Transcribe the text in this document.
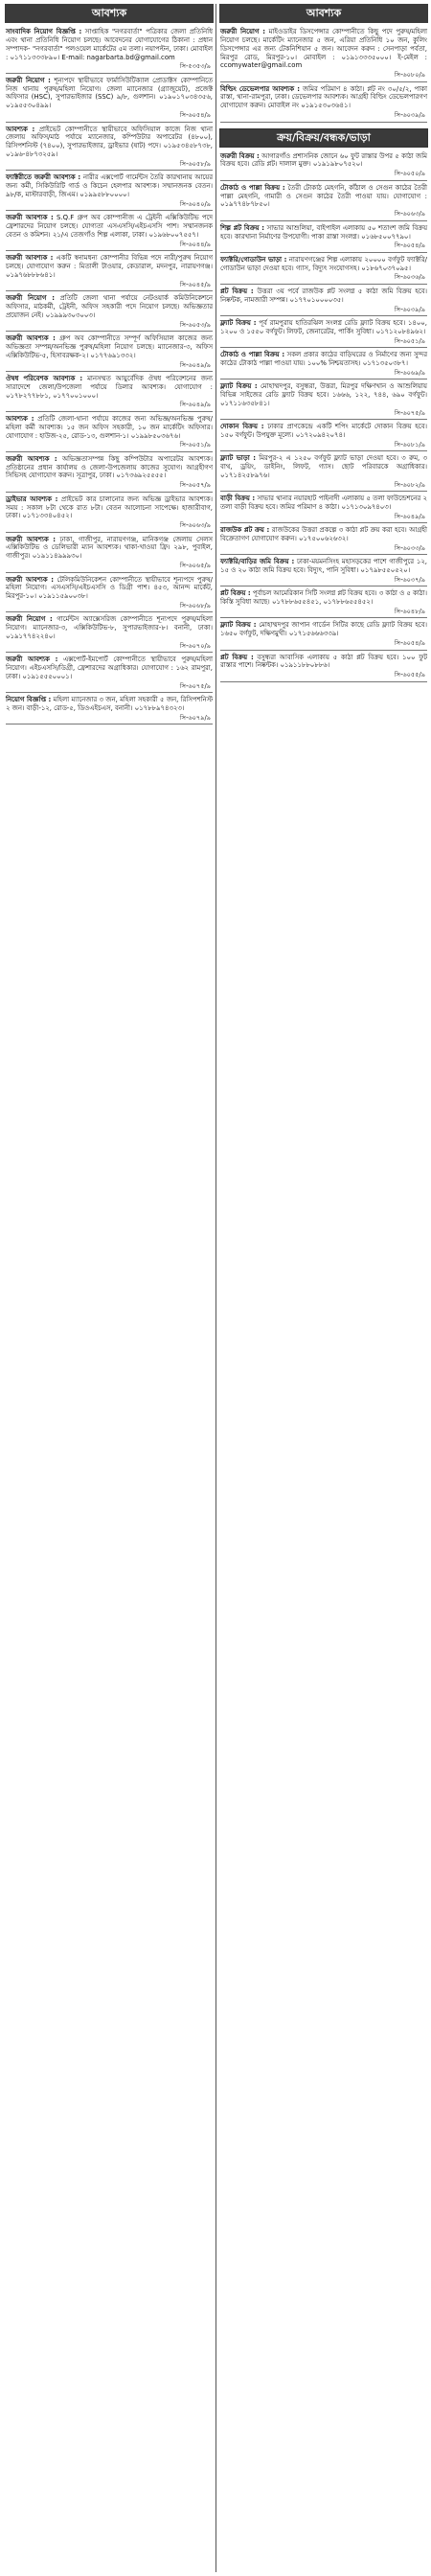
আবশ্যক
সাংবাদিক নিয়োগ বিজ্ঞপ্তি : সাপ্তাহিক "নগরবার্তা" পত্রিকার জেলা প্রতিনিধি এবং থানা প্রতিনিধি নিয়োগ চলছে। আবেদনের যোগাযোগের ঠিকানা : প্রধান সম্পাদক- "নগরবার্তা" পলওয়েল মার্কেটের ৫ম তলা। নয়াপল্টন, ঢাকা। মোবাইল : ০১৭১১৩৩৩৮৯০। E-mail: nagarbarta.bd@gmail.com
সি-৫৩৫৩/৯
জরুরী নিয়োগ : শূন্যপদে স্থায়ীভাবে ফার্মাসিউটিক্যাল প্রোডাক্টস কোম্পানিতে নিজ থানায় পুরুষ/মহিলা নিয়োগ। জেলা ম্যানেজার (গ্র্যাজুয়েট), প্রজেক্ট অফিসার (HSC), সুপারভাইজার (SSC) ৯/৮, গুলশান। ০১৯০১৭০৩৪৩৫৬, ০১৯৫৫৩০৪৯৯।
সি-৬০৫৪/৯
আবশ্যক : প্রাইভেট কোম্পানীতে স্থায়ীভাবে অফিসিয়াল কাজে নিজ থানা জেলায় অফিস/মাঠ পর্যায়ে ম্যানেজার, কম্পিউটার অপারেটর (৪৮০০), রিসিপশনিস্ট (৭৪০০), সুপারভাইজার, ড্রাইভার (ষাট) পদে। ০১৯৫৩৪৫৮৭৩৮, ০১৯৬-৪৮৭৩২৫৯।
সি-৬০৫৮/৯
ফ্যাক্টরীতে জরুরী আবশ্যক : নারীর এক্সপোর্ট গার্মেন্টস তৈরি কারখানায় আয়ের জন্য কর্মী, সিকিউরিটি গার্ড ও কিচেন হেলপার আবশ্যক। সম্মানজনক বেতন। ৯৮/ক, মাস্টারবাড়ী, জিএম। ০১৯৯৫৮৮০০০০।
সি-৬০৪০/৯
জরুরী আবশ্যক : S.Q.F গ্রুপ অব কোম্পানীজ এ ট্রেইনী এক্সিকিউটিভ পদে ফ্রেশারদের নিয়োগ চলছে। যোগ্যতা এসএসসি/এইচএসসি পাশ। সম্মানজনক বেতন ও কমিশন। ২১/এ তেজগাঁও শিল্প এলাকা, ঢাকা। ০১৯৬৮০০৭৫৫৭।
সি-৬০৪৪/৯
জরুরী আবশ্যক : একটি স্বনামধন্য কোম্পানীর বিভিন্ন পদে নারী/পুরুষ নিয়োগ চলছে। যোগাযোগ করুন : মিতালী টাওয়ার, কেডারাল, মদনপুর, নারায়ণগঞ্জ। ০১৯৭৬৮৮৮৬৪১।
সি-৬০৪৫/৯
জরুরী নিয়োগ : প্রতিটি জেলা থানা পর্যায়ে নেটওয়ার্ক কমিউনিকেশনে অফিসার, মাঠকর্মী, ট্রেইনী, অফিস সহকারী পদে নিয়োগ চলছে। অভিজ্ঞতার প্রয়োজন নেই। ০১৯৯৯৩০৩০০৩।
সি-৬০৫৩/৯
জরুরী আবশ্যক : গ্রুপ অব কোম্পানীতে সম্পূর্ণ অফিসিয়াল কাজের জন্য অভিজ্ঞতা সম্পন্ন/অনভিজ্ঞ পুরুষ/মহিলা নিয়োগ চলছে। ম্যানেজার-৩, অফিস এক্সিকিউটিভ-৫, হিসাবরক্ষক-২। ০১৭৭৬৯১৩৩২।
সি-৬০৪৯/৯
ঔষধ পরিবেশক আবশ্যক : মানসম্মত আয়ুর্বেদিক ঔষধ পরিবেশনের জন্য সারাদেশে জেলা/উপজেলা পর্যায়ে ডিলার আবশ্যক। যোগাযোগ : ০১৭৮২৭৭৮৮১, ০১৭৭০০১০০০।
সি-৬০৪৯/৯
আবশ্যক : প্রতিটি জেলা-থানা পর্যায়ে কাজের জন্য অভিজ্ঞ/অনভিজ্ঞ পুরুষ/মহিলা কর্মী আবশ্যক। ১৫ জন অফিস সহকারী, ১০ জন মার্কেটিং অফিসার। যোগাযোগ : হাউজ-২৫, রোড-১৩, গুলশান-১। ০১৯৯৮৫০৩৬৭৬।
সি-৬০৫১/৯
জরুরী আবশ্যক : অভিজ্ঞতাসম্পন্ন কিছু কম্পিউটার অপারেটর আবশ্যক। প্রতিষ্ঠানের প্রধান কার্যালয় ও জেলা-উপজেলায় কাজের সুযোগ। আগ্রহীগণ সিভিসহ যোগাযোগ করুন। সূত্রাপুর, ঢাকা। ০১৭৩৬৯২৫৫৫৫।
সি-৬০৫৭/৯
ড্রাইভার আবশ্যক : প্রাইভেট কার চালানোর জন্য অভিজ্ঞ ড্রাইভার আবশ্যক। সময় : সকাল ৮টা থেকে রাত ৮টা। বেতন আলোচনা সাপেক্ষে। হাজারীবাগ, ঢাকা। ০১৭১৩৩৪০৪৫২।
সি-৬০৬৩/৯
জরুরী আবশ্যক : ঢাকা, গাজীপুর, নারায়ণগঞ্জ, মানিকগঞ্জ জেলায় সেলস এক্সিকিউটিভ ও ডেলিভারী ম্যান আবশ্যক। থাকা-খাওয়া ফ্রি। ২৯৮, পুবাইল, গাজীপুর। ০১৯১১৪৯৯৯৩০।
সি-৬০৬৫/৯
জরুরী আবশ্যক : টেলিকমিউনিকেশন কোম্পানীতে স্থায়ীভাবে শূন্যপদে পুরুষ/মহিলা নিয়োগ। এসএসসি/এইচএসসি ও ডিগ্রী পাশ। ৪৫৩, আনন্দ মার্কেট, মিরপুর-১০। ০১৯১১৫৯০০৩৮।
সি-৬০৬৮/৯
জরুরী নিয়োগ : গার্মেন্টস অ্যাক্সেসরিজ কোম্পানীতে শূন্যপদে পুরুষ/মহিলা নিয়োগ। ম্যানেজার-৩, এক্সিকিউটিভ-৮, সুপারভাইজার-৮। বনানী, ঢাকা। ০১৯১৭৭৪২২৪০।
সি-৬০৭০/৯
জরুরী আবশ্যক : এক্সপোর্ট-ইমপোর্ট কোম্পানীতে স্থায়ীভাবে পুরুষ/মহিলা নিয়োগ। এইচএসসি/ডিগ্রী, ফ্রেশারদের অগ্রাধিকার। যোগাযোগ : ১৬২ রামপুরা, ঢাকা। ০১৯১৫৫৫০০০১।
সি-৬০৭৫/৯
নিয়োগ বিজ্ঞপ্তি : মহিলা ম্যানেজার ৩ জন, মহিলা সহকারী ৫ জন, রিসিপশনিস্ট ২ জন। বাড়ী-১২, রোড-৫, ডিওএইচএস, বনানী। ০১৭৮৮৯৭৪৩২৩।
সি-৬০৭৯/৯
আবশ্যক
জরুরী নিয়োগ : মাইওডাইর ডিসপেন্সার কোম্পানীতে কিছু পদে পুরুষ/মহিলা নিয়োগ চলছে। মার্কেটিং ম্যানেজার ৫ জন, এরিয়া প্রতিনিধি ১০ জন, কুলিং ডিসপেন্সার এর জন্য টেকনিশিয়ান ৫ জন। আবেদন করুন : সেনপাড়া পর্বতা, মিরপুর রোড, মিরপুর-১০। মোবাইল : ০১৯১৩৩৩৫০০০। ই-মেইল : ccomywater@gmail.com
সি-৬০৮০/৯
বিল্ডিং ডেভেলপার আবশ্যক : জমির পরিমাণ ৪ কাঠা। প্লট নং ৩০/৫/২, পাকা রাস্তা, থানা-রামপুরা, ঢাকা। ডেভেলপার আবশ্যক। আগ্রহী বিল্ডিং ডেভেলপারগণ যোগাযোগ করুন। মোবাইল নং ০১৯১৫৩০৩৬৪১।
সি-৬০৩৯/৯
ক্রয়/বিক্রয়/বন্ধক/ভাড়া
জরুরী বিক্রয় : আগারগাঁও প্রশাসনিক জোনে ৬০ ফুট রাস্তার উপর ৫ কাঠা জমি বিক্রয় হবে। রেডি প্লট। দালাল মুক্ত। ০১৯১৯৮০৭৫২০।
সি-৬০৫০/৯
টোকাঠ ও পাল্লা বিক্রয় : তৈরী টোকাঠ মেহগনি, কাঁঠাল ও সেগুন কাঠের তৈরী পাল্লা মেহগনি, গামারী ও সেগুন কাঠের তৈরী পাওয়া যায়। যোগাযোগ : ০১৯৭৭৪৮৭৮৫০।
সি-৬০৬৩/৯
শিল্প প্লট বিক্রয় : সাভার আশুলিয়া, বাইপাইল এলাকায় ৫০ শতাংশ জমি বিক্রয় হবে। কারখানা নির্মাণের উপযোগী। পাকা রাস্তা সংলগ্ন। ০১৬৮৫০০৭৭৯০।
সি-৬০৫৪/৯
ফ্যাক্টরি/গোডাউন ভাড়া : নারায়ণগঞ্জের শিল্প এলাকায় ২০০০০ বর্গফুট ফ্যাক্টরি/গোডাউন ভাড়া দেওয়া হবে। গ্যাস, বিদ্যুৎ সংযোগসহ। ০১৮৬৭০৩৭০৯৫।
সি-৬০৩৬/৯
প্লট বিক্রয় : উত্তরা ৩য় পর্বে রাজউক প্লট সংলগ্ন ৫ কাঠা জমি বিক্রয় হবে। নিষ্কন্টক, নামজারী সম্পন্ন। ০১৭৭০১০০০০৩৫।
সি-৬০৩৯/৯
ফ্ল্যাট বিক্রয় : পূর্ব রামপুরায় হাতিরঝিল সংলগ্ন রেডি ফ্ল্যাট বিক্রয় হবে। ১৪০০, ১২০০ ও ১৫৫০ বর্গফুট। লিফট, জেনারেটর, পার্কিং সুবিধা। ০১৭১২০৮৪৯৬২।
সি-৬০৫১/৯
টোকাঠ ও পাল্লা বিক্রয় : সকল প্রকার কাঠের বাড়িঘরের ও নির্মাণের জন্য সুন্দর কাঠের টোকাঠ পাল্লা পাওয়া যায়। ১০০% নিশ্চয়তাসহ। ০১৭১৩৫০৩৮৭।
সি-৬০৬৯/৯
ফ্ল্যাট বিক্রয় : মোহাম্মদপুর, বসুন্ধরা, উত্তরা, মিরপুর দক্ষিণখান ও আশুলিয়ায় বিভিন্ন সাইজের রেডি ফ্ল্যাট বিক্রয় হবে। ১৬৬৬, ১২২, ৭৪৪, ৬৯০ বর্গফুট। ০১৭১১৬৩৫৮৪১।
সি-৬০৭৫/৯
দোকান বিক্রয় : ঢাকার প্রাণকেন্দ্রে একটি শপিং মার্কেটে দোকান বিক্রয় হবে। ১৫০ বর্গফুট। উপযুক্ত মূল্যে। ০১৭২০৯৪২০৭৪।
সি-৬০৮১/৯
ফ্ল্যাট ভাড়া : মিরপুর-২ এ ১২৫০ বর্গফুট ফ্ল্যাট ভাড়া দেওয়া হবে। ৩ রুম, ৩ বাথ, ড্রয়িং, ডাইনিং, লিফট, গ্যাস। ছোট পরিবারকে অগ্রাধিকার। ০১৭১৪২৫৮৯৭৬।
সি-৬০৮২/৯
বাড়ী বিক্রয় : সাভার থানার নয়ারহাট পাইনাদী এলাকায় ৫ তলা ফাউন্ডেশনের ২ তলা বাড়ী বিক্রয় হবে। জমির পরিমাণ ৪ কাঠা। ০১৭১৩০৯৭৪০৩।
সি-৬০৪৯/৯
রাজউক প্লট ক্রয় : রাজউকের উত্তরা প্রকল্পে ৩ কাঠা প্লট ক্রয় করা হবে। আগ্রহী বিক্রেতাগণ যোগাযোগ করুন। ০১৭৫০০৬২৬৩২।
সি-৬০৩৩/৯
ফ্যাক্টরি/বাড়ির জমি বিক্রয় : ঢাকা-ময়মনসিংহ মহাসড়কের পাশে গাজীপুরে ১২, ১৫ ও ২০ কাঠা জমি বিক্রয় হবে। বিদ্যুৎ, পানি সুবিধা। ০১৭৯৮৫৫০৫২০।
সি-৬০৩৭/৯
প্লট বিক্রয় : পূর্বাচল আমেরিকান সিটি সংলগ্ন প্লট বিক্রয় হবে। ৩ কাঠা ও ৫ কাঠা। কিস্তি সুবিধা আছে। ০১৭৮৮৬৫৫৪৫১, ০১৭৮৮৬৫৫৪৫২।
সি-৬০৪৮/৯
ফ্ল্যাট বিক্রয় : মোহাম্মদপুর জাপান গার্ডেন সিটির কাছে রেডি ফ্ল্যাট বিক্রয় হবে। ১৬৫০ বর্গফুট, দক্ষিণমুখী। ০১৭১৫৬৬৬৩৩৯।
সি-৬০৫৪/৯
প্লট বিক্রয় : বসুন্ধরা আবাসিক এলাকায় ৫ কাঠা প্লট বিক্রয় হবে। ১০০ ফুট রাস্তার পাশে। নিষ্কন্টক। ০১৯১১৮৮০৮৮৬।
সি-৬০৫৫/৯
